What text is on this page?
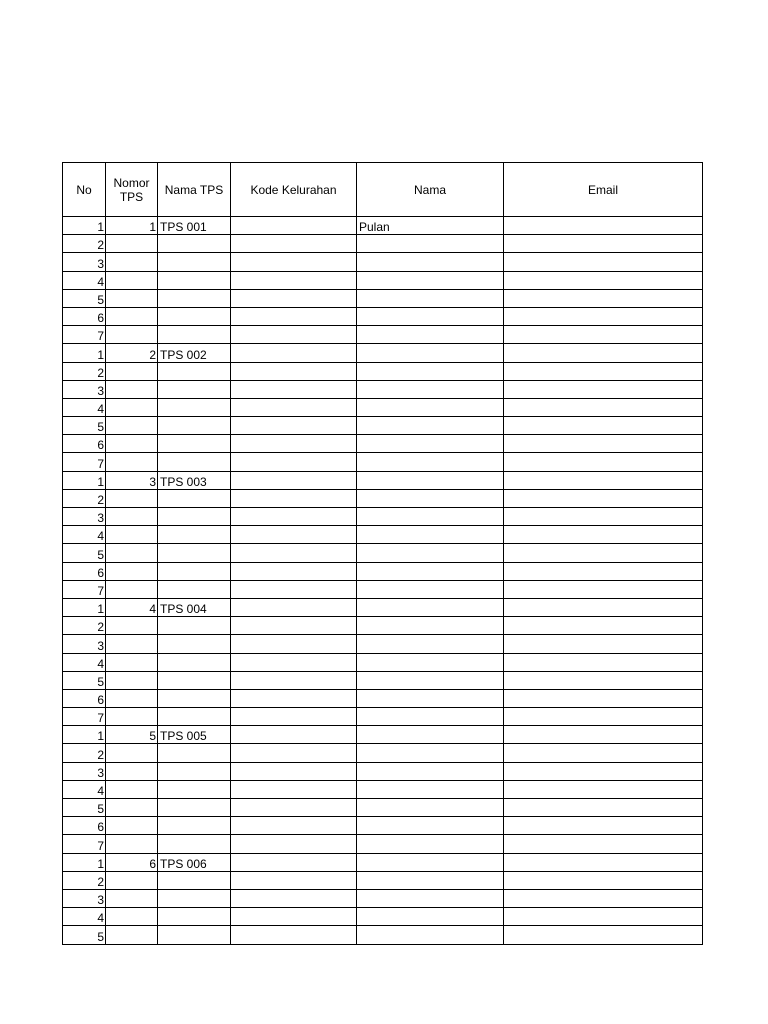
No	Nomor TPS	Nama TPS	Kode Kelurahan	Nama	Email
1	1	TPS 001		Pulan	
2					
3					
4					
5					
6					
7					
1	2	TPS 002			
2					
3					
4					
5					
6					
7					
1	3	TPS 003			
2					
3					
4					
5					
6					
7					
1	4	TPS 004			
2					
3					
4					
5					
6					
7					
1	5	TPS 005			
2					
3					
4					
5					
6					
7					
1	6	TPS 006			
2					
3					
4					
5					
